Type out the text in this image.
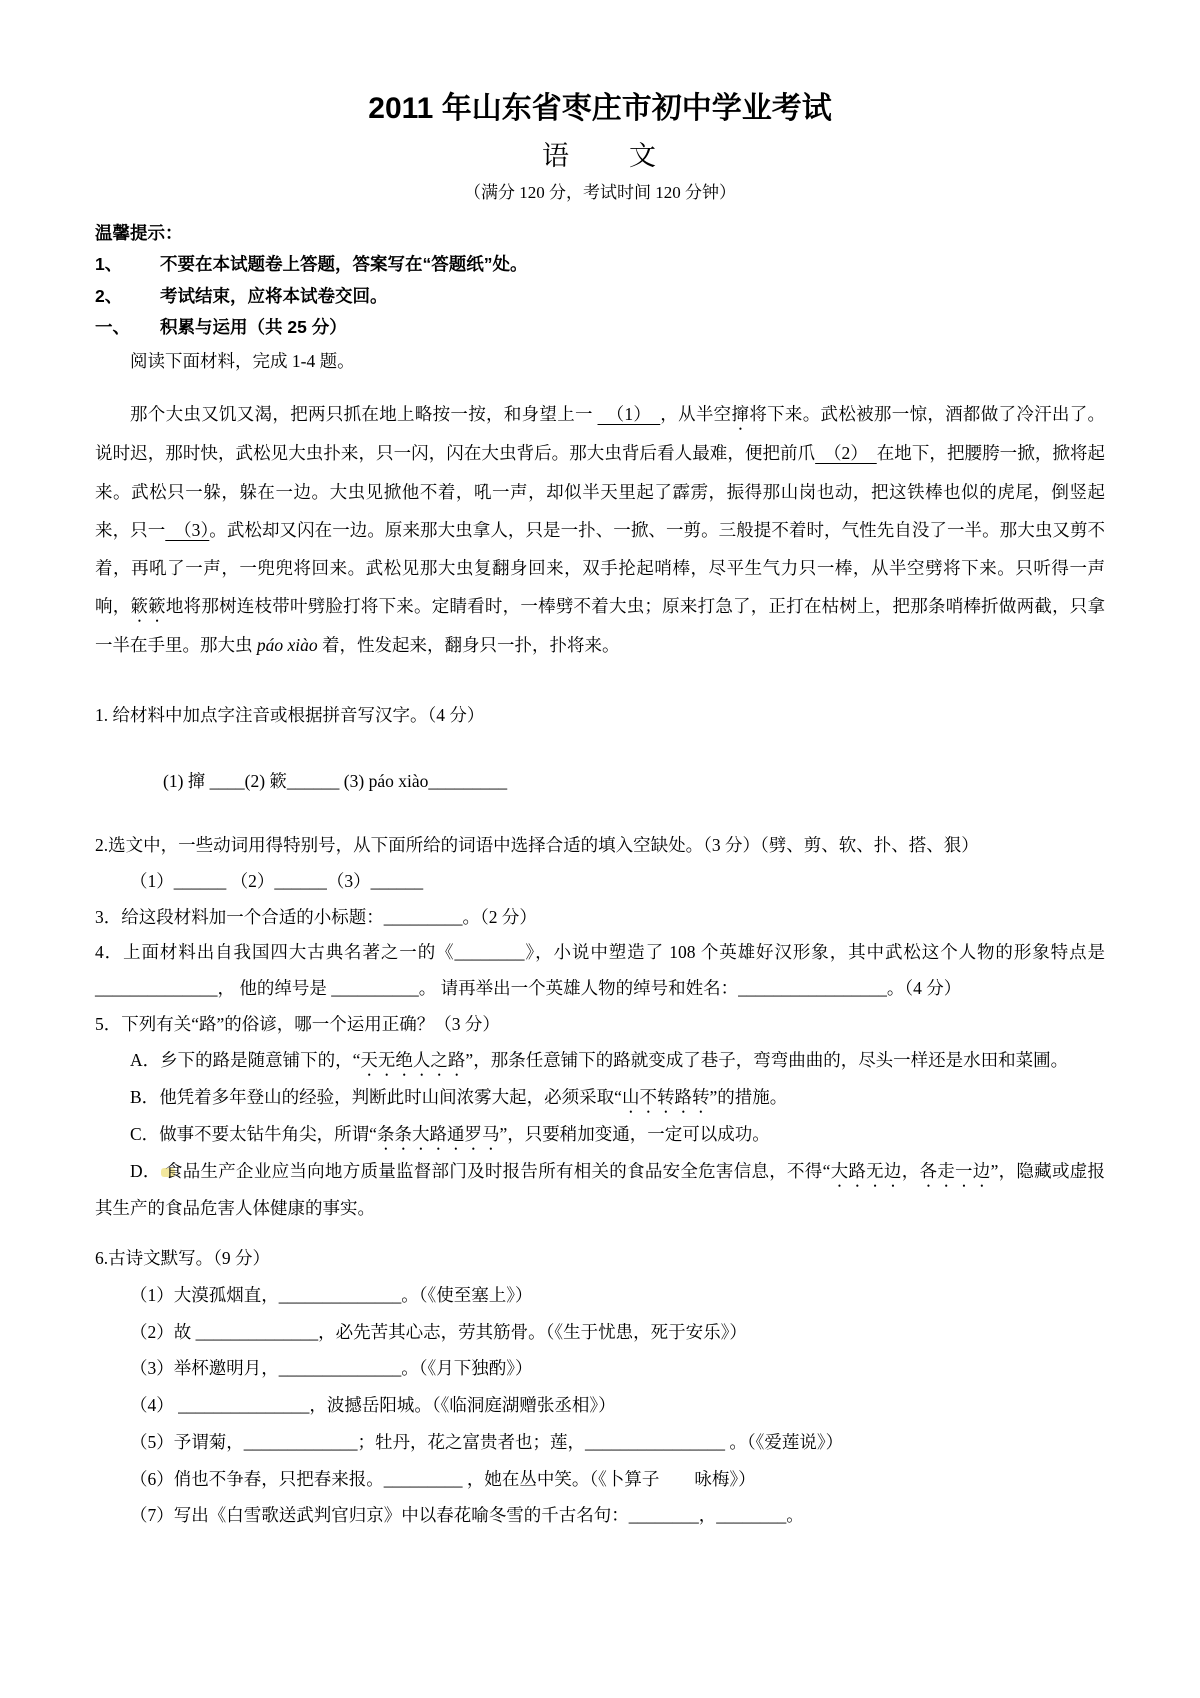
2011 年山东省枣庄市初中学业考试
语　　文

（满分 120 分，考试时间 120 分钟）

温馨提示：

1、	不要在本试题卷上答题，答案写在“答题纸”处。
2、	考试结束，应将本试卷交回。
一、	积累与运用（共 25 分）

阅读下面材料，完成 1-4 题。

那个大虫又饥又渴，把两只抓在地上略按一按，和身望上一 　（1）　，从半空撺将下来。武松被那一惊，酒都做了冷汗出了。说时迟，那时快，武松见大虫扑来，只一闪，闪在大虫背后。那大虫背后看人最难，便把前爪　（2）　在地下，把腰胯一掀，掀将起来。武松只一躲，躲在一边。大虫见掀他不着，吼一声，却似半天里起了霹雳，振得那山岗也动，把这铁棒也似的虎尾，倒竖起来，只一　（3）。武松却又闪在一边。原来那大虫拿人，只是一扑、一掀、一剪。三般提不着时，气性先自没了一半。那大虫又剪不着，再吼了一声，一兜兜将回来。武松见那大虫复翻身回来，双手抡起哨棒，尽平生气力只一棒，从半空劈将下来。只听得一声响，簌簌地将那树连枝带叶劈脸打将下来。定睛看时，一棒劈不着大虫；原来打急了，正打在枯树上，把那条哨棒折做两截，只拿一半在手里。那大虫 páo xiào 着，性发起来，翻身只一扑，扑将来。

1. 给材料中加点字注音或根据拼音写汉字。（4 分）

(1) 撺 ____(2) 簌______ (3) páo xiào_________

2.选文中，一些动词用得特别号，从下面所给的词语中选择合适的填入空缺处。（3 分）（劈、剪、软、扑、搭、狠）

（1）______ （2）______（3）______

3．给这段材料加一个合适的小标题：_________。（2 分）

4．上面材料出自我国四大古典名著之一的《________》，小说中塑造了 108 个英雄好汉形象，其中武松这个人物的形象特点是 ______________， 他的绰号是 __________。 请再举出一个英雄人物的绰号和姓名：_________________。（4 分）

5．下列有关“路”的俗谚，哪一个运用正确？（3 分）

A．乡下的路是随意铺下的，“天无绝人之路”，那条任意铺下的路就变成了巷子，弯弯曲曲的，尽头一样还是水田和菜圃。

B．他凭着多年登山的经验，判断此时山间浓雾大起，必须采取“山不转路转”的措施。

C．做事不要太钻牛角尖，所谓“条条大路通罗马”，只要稍加变通，一定可以成功。

D． 食品生产企业应当向地方质量监督部门及时报告所有相关的食品安全危害信息，不得“大路无边，各走一边”，隐藏或虚报其生产的食品危害人体健康的事实。

6.古诗文默写。（9 分）

（1）大漠孤烟直，______________。（《使至塞上》）

（2）故 ______________，必先苦其心志，劳其筋骨。（《生于忧患，死于安乐》）

（3）举杯邀明月，______________。（《月下独酌》）

（4） _______________，波撼岳阳城。（《临洞庭湖赠张丞相》）

（5）予谓菊，_____________；牡丹，花之富贵者也；莲，________________ 。（《爱莲说》）

（6）俏也不争春，只把春来报。_________ ，她在丛中笑。（《卜算子　　咏梅》）

（7）写出《白雪歌送武判官归京》中以春花喻冬雪的千古名句：________，________。
